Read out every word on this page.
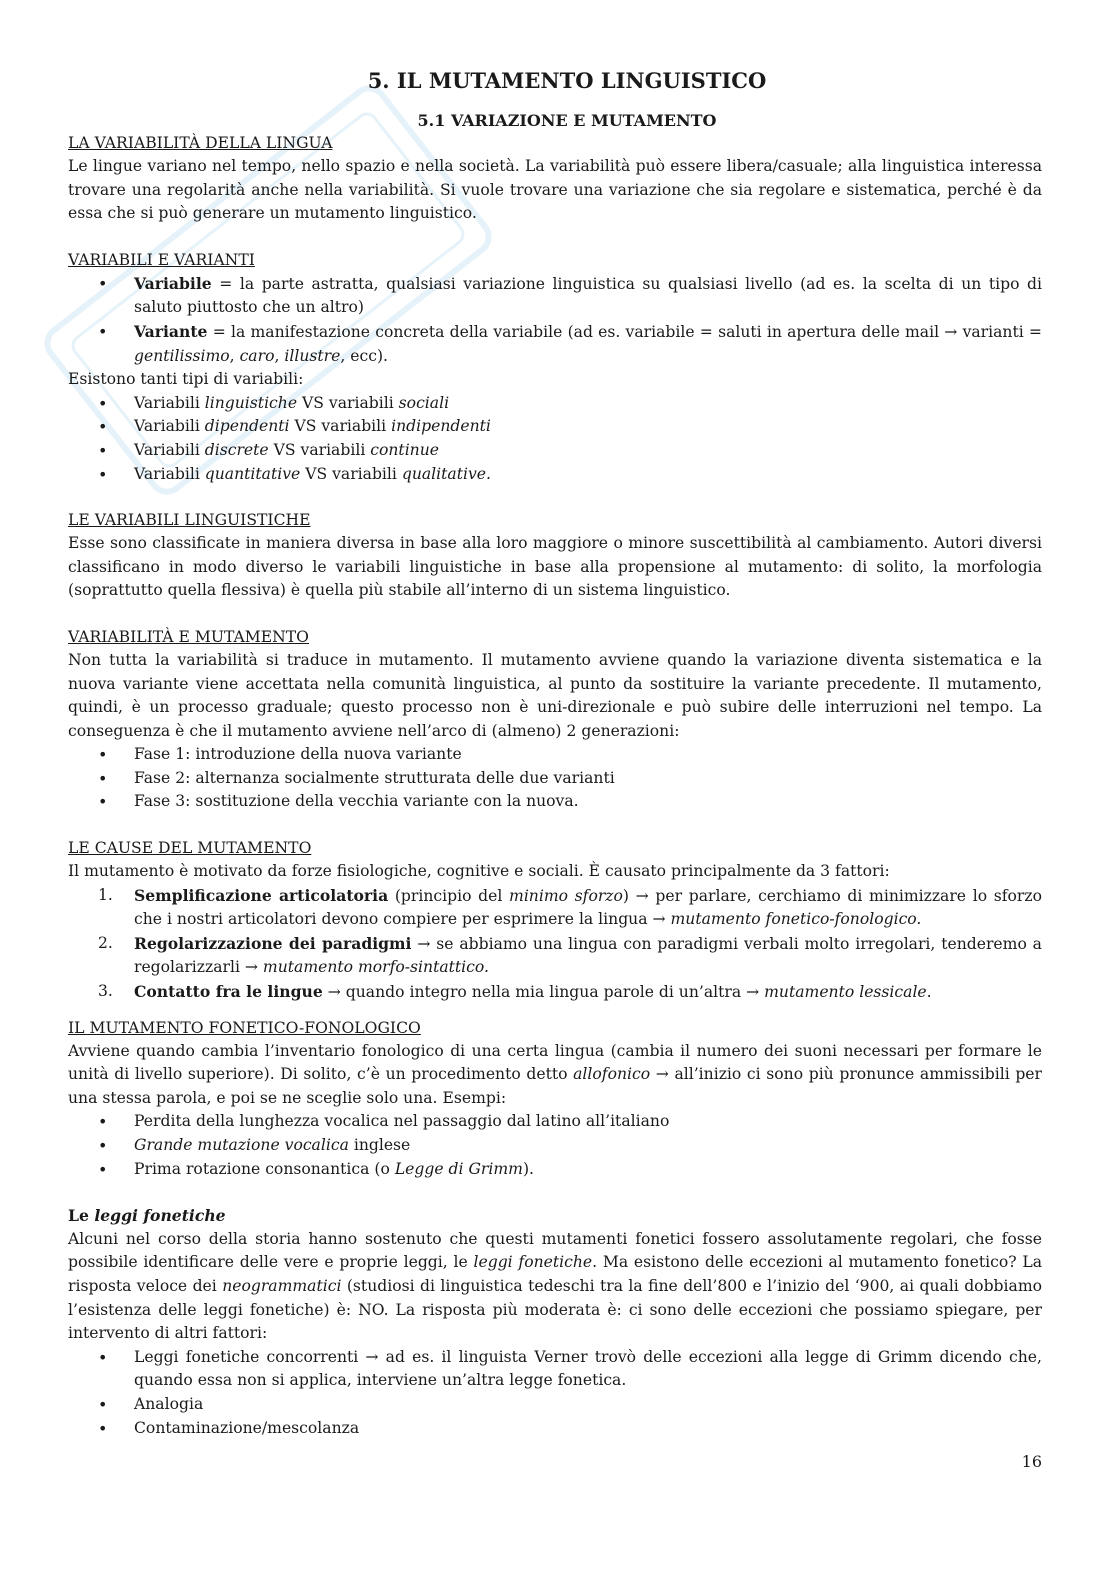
5. IL MUTAMENTO LINGUISTICO
5.1 VARIAZIONE E MUTAMENTO
LA VARIABILITÀ DELLA LINGUA

Le lingue variano nel tempo, nello spazio e nella società. La variabilità può essere libera/casuale; alla linguistica interessa trovare una regolarità anche nella variabilità. Si vuole trovare una variazione che sia regolare e sistematica, perché è da essa che si può generare un mutamento linguistico.

VARIABILI E VARIANTI
•
Variabile = la parte astratta, qualsiasi variazione linguistica su qualsiasi livello (ad es. la scelta di un tipo di saluto piuttosto che un altro)
•
Variante = la manifestazione concreta della variabile (ad es. variabile = saluti in apertura delle mail → varianti = gentilissimo, caro, illustre, ecc).

Esistono tanti tipi di variabili:

•
Variabili linguistiche VS variabili sociali
•
Variabili dipendenti VS variabili indipendenti
•
Variabili discrete VS variabili continue
•
Variabili quantitative VS variabili qualitative.
LE VARIABILI LINGUISTICHE

Esse sono classificate in maniera diversa in base alla loro maggiore o minore suscettibilità al cambiamento. Autori diversi classificano in modo diverso le variabili linguistiche in base alla propensione al mutamento: di solito, la morfologia (soprattutto quella flessiva) è quella più stabile all’interno di un sistema linguistico.

VARIABILITÀ E MUTAMENTO

Non tutta la variabilità si traduce in mutamento. Il mutamento avviene quando la variazione diventa sistematica e la nuova variante viene accettata nella comunità linguistica, al punto da sostituire la variante precedente. Il mutamento, quindi, è un processo graduale; questo processo non è uni-direzionale e può subire delle interruzioni nel tempo. La conseguenza è che il mutamento avviene nell’arco di (almeno) 2 generazioni:

•
Fase 1: introduzione della nuova variante
•
Fase 2: alternanza socialmente strutturata delle due varianti
•
Fase 3: sostituzione della vecchia variante con la nuova.
LE CAUSE DEL MUTAMENTO

Il mutamento è motivato da forze fisiologiche, cognitive e sociali. È causato principalmente da 3 fattori:

1.	Semplificazione articolatoria (principio del minimo sforzo) → per parlare, cerchiamo di minimizzare lo sforzo che i nostri articolatori devono compiere per esprimere la lingua → mutamento fonetico-fonologico.
2.	Regolarizzazione dei paradigmi → se abbiamo una lingua con paradigmi verbali molto irregolari, tenderemo a regolarizzarli → mutamento morfo-sintattico.
3.	Contatto fra le lingue → quando integro nella mia lingua parole di un’altra → mutamento lessicale.
IL MUTAMENTO FONETICO-FONOLOGICO

Avviene quando cambia l’inventario fonologico di una certa lingua (cambia il numero dei suoni necessari per formare le unità di livello superiore). Di solito, c’è un procedimento detto allofonico → all’inizio ci sono più pronunce ammissibili per una stessa parola, e poi se ne sceglie solo una. Esempi:

•
Perdita della lunghezza vocalica nel passaggio dal latino all’italiano
•
Grande mutazione vocalica inglese
•
Prima rotazione consonantica (o Legge di Grimm).
Le leggi fonetiche

Alcuni nel corso della storia hanno sostenuto che questi mutamenti fonetici fossero assolutamente regolari, che fosse possibile identificare delle vere e proprie leggi, le leggi fonetiche. Ma esistono delle eccezioni al mutamento fonetico? La risposta veloce dei neogrammatici (studiosi di linguistica tedeschi tra la fine dell’800 e l’inizio del ‘900, ai quali dobbiamo l’esistenza delle leggi fonetiche) è: NO. La risposta più moderata è: ci sono delle eccezioni che possiamo spiegare, per intervento di altri fattori:

•
Leggi fonetiche concorrenti → ad es. il linguista Verner trovò delle eccezioni alla legge di Grimm dicendo che, quando essa non si applica, interviene un’altra legge fonetica.
•
Analogia
•
Contaminazione/mescolanza
16
